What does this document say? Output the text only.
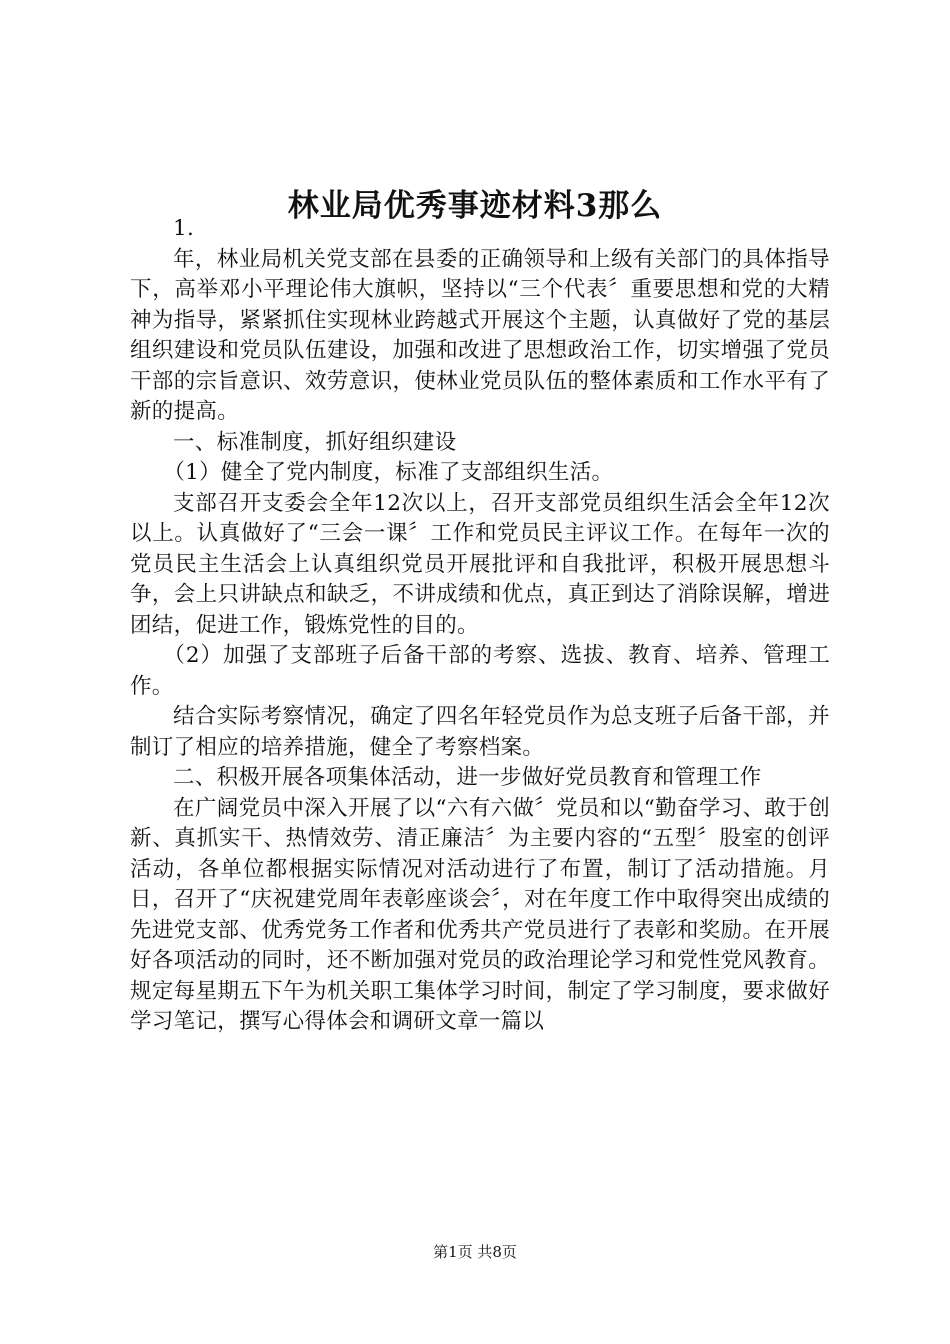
林业局优秀事迹材料3那么

1.

年，林业局机关党支部在县委的正确领导和上级有关部门的具体指导下，高举邓小平理论伟大旗帜，坚持以“三个代表〞重要思想和党的大精神为指导，紧紧抓住实现林业跨越式开展这个主题，认真做好了党的基层组织建设和党员队伍建设，加强和改进了思想政治工作，切实增强了党员干部的宗旨意识、效劳意识，使林业党员队伍的整体素质和工作水平有了新的提高。

一、标准制度，抓好组织建设

（1）健全了党内制度，标准了支部组织生活。

支部召开支委会全年12次以上，召开支部党员组织生活会全年12次以上。认真做好了“三会一课〞工作和党员民主评议工作。在每年一次的党员民主生活会上认真组织党员开展批评和自我批评，积极开展思想斗争，会上只讲缺点和缺乏，不讲成绩和优点，真正到达了消除误解，增进团结，促进工作，锻炼党性的目的。

（2）加强了支部班子后备干部的考察、选拔、教育、培养、管理工作。

结合实际考察情况，确定了四名年轻党员作为总支班子后备干部，并制订了相应的培养措施，健全了考察档案。

二、积极开展各项集体活动，进一步做好党员教育和管理工作

在广阔党员中深入开展了以“六有六做〞党员和以“勤奋学习、敢于创新、真抓实干、热情效劳、清正廉洁〞为主要内容的“五型〞股室的创评活动，各单位都根据实际情况对活动进行了布置，制订了活动措施。月日，召开了“庆祝建党周年表彰座谈会〞，对在年度工作中取得突出成绩的先进党支部、优秀党务工作者和优秀共产党员进行了表彰和奖励。在开展好各项活动的同时，还不断加强对党员的政治理论学习和党性党风教育。规定每星期五下午为机关职工集体学习时间，制定了学习制度，要求做好学习笔记，撰写心得体会和调研文章一篇以

第1页 共8页
